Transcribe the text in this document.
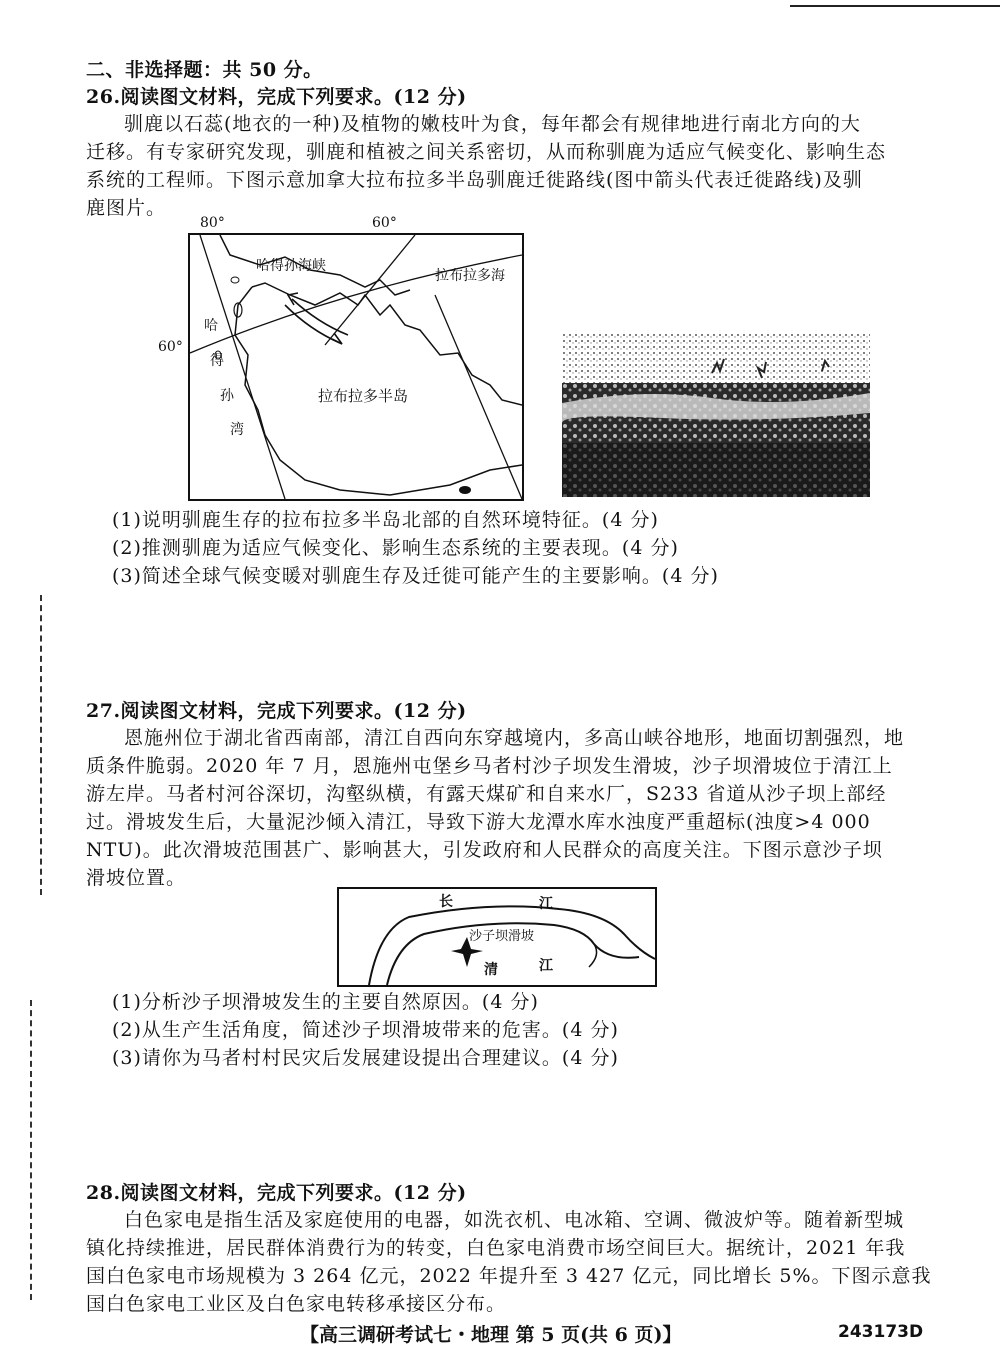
二、非选择题：共 50 分。
26.阅读图文材料，完成下列要求。(12 分)

驯鹿以石蕊(地衣的一种)及植物的嫩枝叶为食，每年都会有规律地进行南北方向的大

迁移。有专家研究发现，驯鹿和植被之间关系密切，从而称驯鹿为适应气候变化、影响生态

系统的工程师。下图示意加拿大拉布拉多半岛驯鹿迁徙路线(图中箭头代表迁徙路线)及驯

鹿图片。

80°	60°
60°
哈得孙海峡
哈
得
孙
湾
拉布拉多海
拉布拉多半岛

(1)说明驯鹿生存的拉布拉多半岛北部的自然环境特征。(4 分)

(2)推测驯鹿为适应气候变化、影响生态系统的主要表现。(4 分)

(3)简述全球气候变暖对驯鹿生存及迁徙可能产生的主要影响。(4 分)

27.阅读图文材料，完成下列要求。(12 分)

恩施州位于湖北省西南部，清江自西向东穿越境内，多高山峡谷地形，地面切割强烈，地

质条件脆弱。2020 年 7 月，恩施州屯堡乡马者村沙子坝发生滑坡，沙子坝滑坡位于清江上

游左岸。马者村河谷深切，沟壑纵横，有露天煤矿和自来水厂，S233 省道从沙子坝上部经

过。滑坡发生后，大量泥沙倾入清江，导致下游大龙潭水库水浊度严重超标(浊度>4 000

NTU)。此次滑坡范围甚广、影响甚大，引发政府和人民群众的高度关注。下图示意沙子坝

滑坡位置。

长	江
沙子坝滑坡
清	江

(1)分析沙子坝滑坡发生的主要自然原因。(4 分)

(2)从生产生活角度，简述沙子坝滑坡带来的危害。(4 分)

(3)请你为马者村村民灾后发展建设提出合理建议。(4 分)

28.阅读图文材料，完成下列要求。(12 分)

白色家电是指生活及家庭使用的电器，如洗衣机、电冰箱、空调、微波炉等。随着新型城

镇化持续推进，居民群体消费行为的转变，白色家电消费市场空间巨大。据统计，2021 年我

国白色家电市场规模为 3 264 亿元，2022 年提升至 3 427 亿元，同比增长 5%。下图示意我

国白色家电工业区及白色家电转移承接区分布。

【高三调研考试七・地理 第 5 页(共 6 页)】	243173D
